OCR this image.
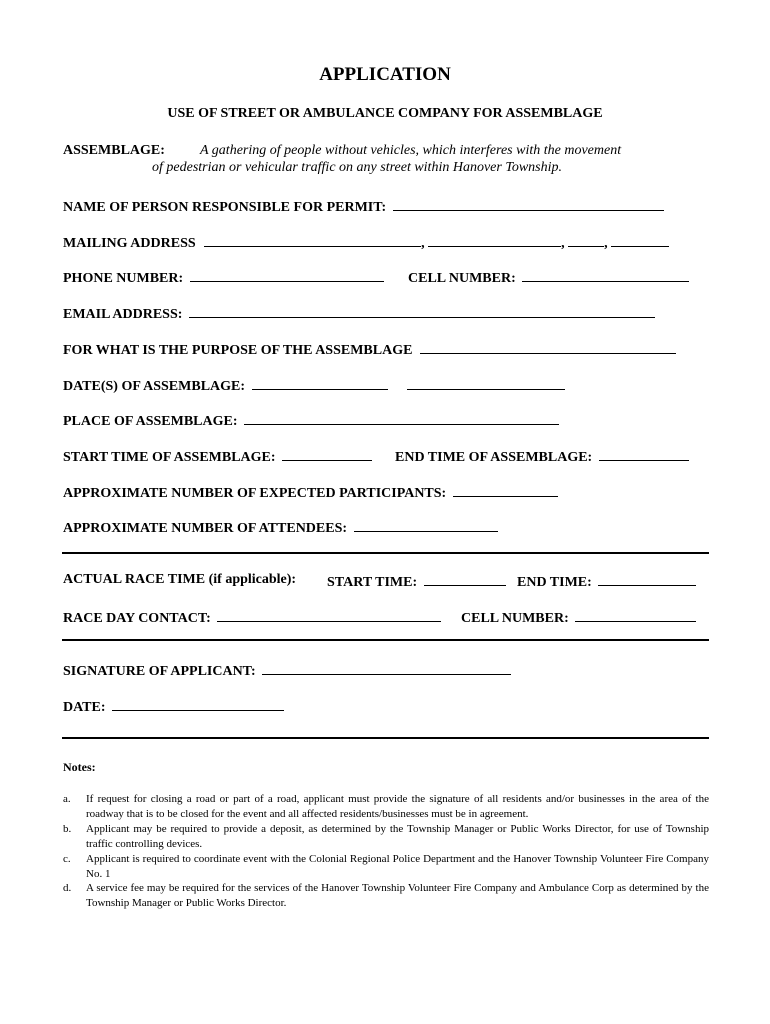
APPLICATION
USE OF STREET OR AMBULANCE COMPANY FOR ASSEMBLAGE
ASSEMBLAGE:	A gathering of people without vehicles, which interferes with the movement
of pedestrian or vehicular traffic on any street within Hanover Township.
NAME OF PERSON RESPONSIBLE FOR PERMIT:
MAILING ADDRESS	,	,	,
PHONE NUMBER:	CELL NUMBER:
EMAIL ADDRESS:
FOR WHAT IS THE PURPOSE OF THE ASSEMBLAGE
DATE(S) OF ASSEMBLAGE:
PLACE OF ASSEMBLAGE:
START TIME OF ASSEMBLAGE:	END TIME OF ASSEMBLAGE:
APPROXIMATE NUMBER OF EXPECTED PARTICIPANTS:
APPROXIMATE NUMBER OF ATTENDEES:
ACTUAL RACE TIME (if applicable): START TIME:	END TIME:
RACE DAY CONTACT:	CELL NUMBER:
SIGNATURE OF APPLICANT:
DATE:
Notes:
a. If request for closing a road or part of a road, applicant must provide the signature of all residents and/or businesses in the area of the roadway that is to be closed for the event and all affected residents/businesses must be in agreement.
b. Applicant may be required to provide a deposit, as determined by the Township Manager or Public Works Director, for use of Township traffic controlling devices.
c. Applicant is required to coordinate event with the Colonial Regional Police Department and the Hanover Township Volunteer Fire Company No. 1
d. A service fee may be required for the services of the Hanover Township Volunteer Fire Company and Ambulance Corp as determined by the Township Manager or Public Works Director.
